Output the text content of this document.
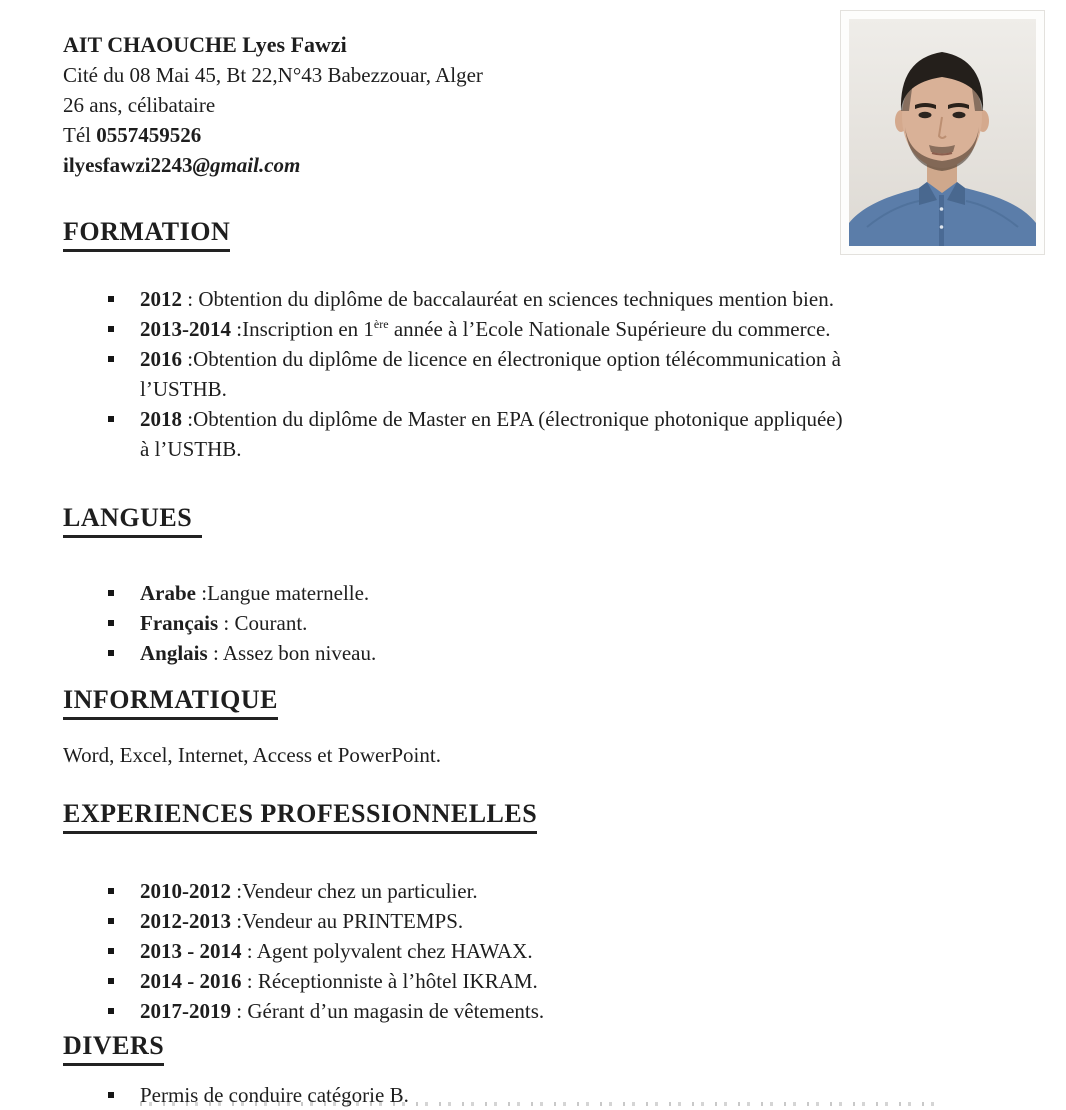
AIT CHAOUCHE Lyes Fawzi
Cité du 08 Mai 45, Bt 22,N°43 Babezzouar, Alger
26 ans, célibataire
Tél 0557459526
ilyesfawzi2243@gmail.com
FORMATION
2012 : Obtention du diplôme de baccalauréat en sciences techniques mention bien.
2013-2014 :Inscription en 1ère année à l’Ecole Nationale Supérieure du commerce.
2016 :Obtention du diplôme de licence en électronique option télécommunication à
l’USTHB.
2018 :Obtention du diplôme de Master en EPA (électronique photonique appliquée)
à l’USTHB.
LANGUES
Arabe :Langue maternelle.
Français : Courant.
Anglais : Assez bon niveau.
INFORMATIQUE
Word, Excel, Internet, Access et PowerPoint.
EXPERIENCES PROFESSIONNELLES
2010-2012 :Vendeur chez un particulier.
2012-2013 :Vendeur au PRINTEMPS.
2013 - 2014 : Agent polyvalent chez HAWAX.
2014 - 2016 : Réceptionniste à l’hôtel IKRAM.
2017-2019 : Gérant d’un magasin de vêtements.
DIVERS
Permis de conduire catégorie B.
